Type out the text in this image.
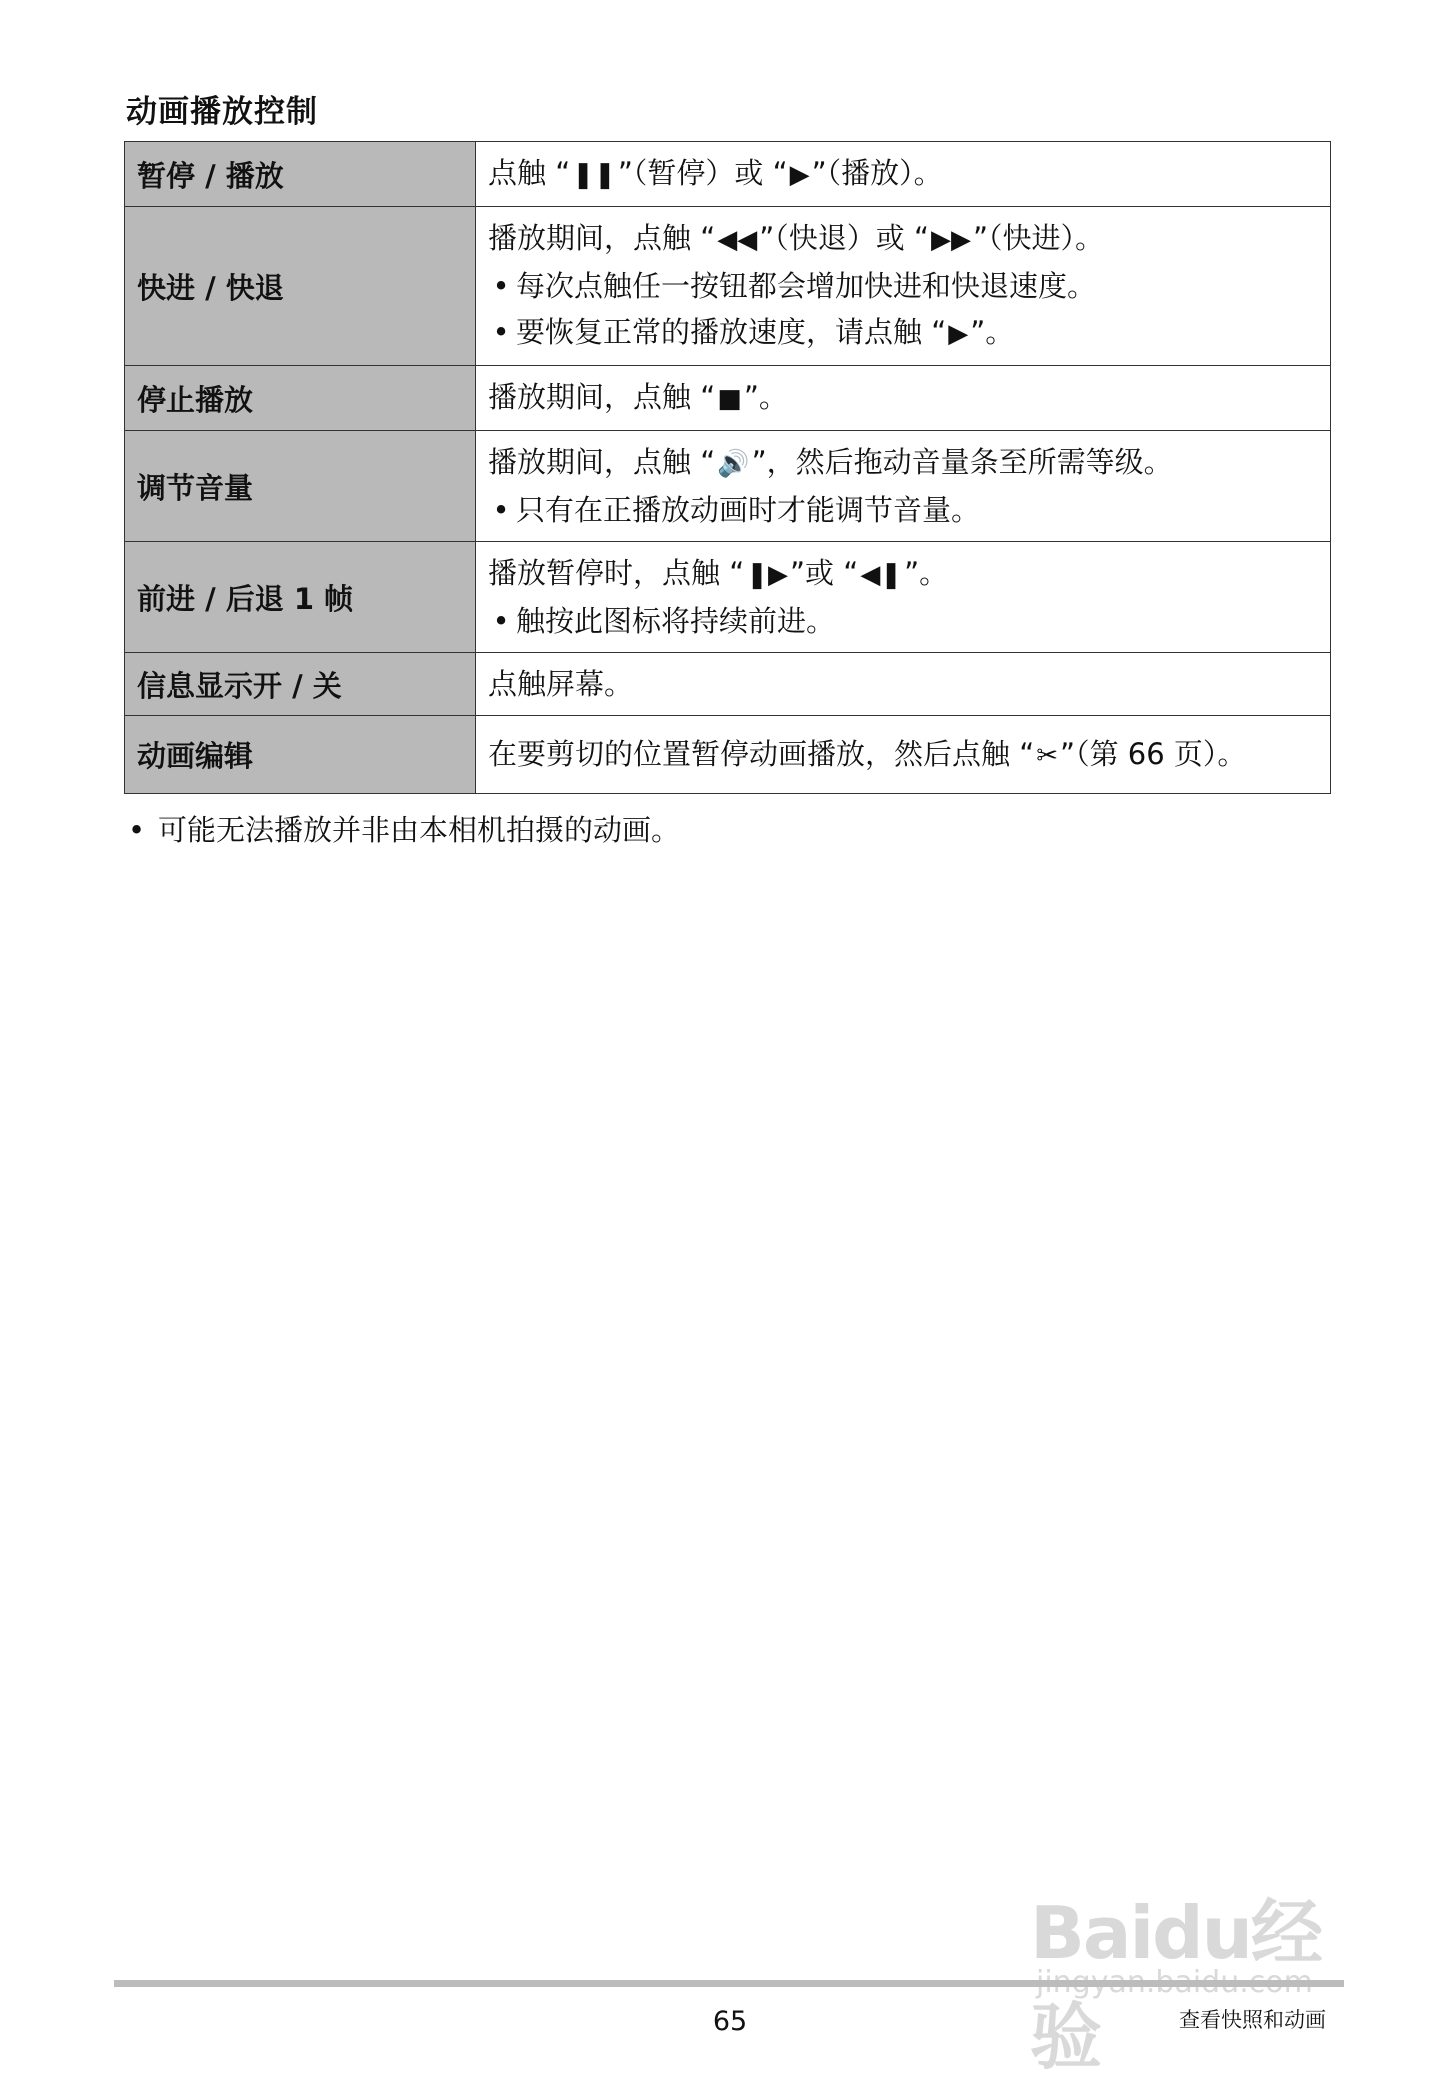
动画播放控制
暂停 / 播放	点触 “❚❚”（暂停）或 “▶”（播放）。

快进 / 快退	播放期间，点触 “◀◀”（快退）或 “▶▶”（快进）。
• 每次点触任一按钮都会增加快进和快退速度。
• 要恢复正常的播放速度，请点触 “▶”。

停止播放	播放期间，点触 “■”。

调节音量	播放期间，点触 “🔊”，然后拖动音量条至所需等级。
• 只有在正播放动画时才能调节音量。

前进 / 后退 1 帧	播放暂停时，点触 “❚▶”或 “◀❚”。
• 触按此图标将持续前进。

信息显示开 / 关	点触屏幕。

动画编辑	在要剪切的位置暂停动画播放，然后点触 “✂”（第 66 页）。
• 可能无法播放并非由本相机拍摄的动画。
Baidu经验
65	查看快照和动画
